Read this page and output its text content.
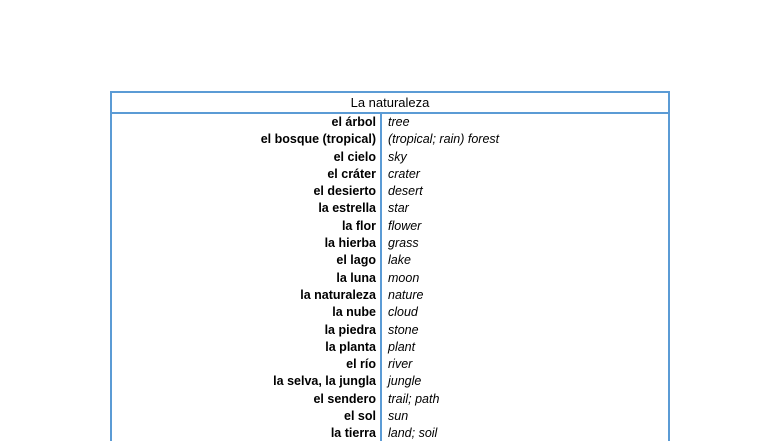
La naturaleza
el árbol tree
el bosque (tropical) (tropical; rain) forest
el cielo sky
el cráter crater
el desierto desert
la estrella star
la flor flower
la hierba grass
el lago lake
la luna moon
la naturaleza nature
la nube cloud
la piedra stone
la planta plant
el río river
la selva, la jungla jungle
el sendero trail; path
el sol sun
la tierra land; soil
